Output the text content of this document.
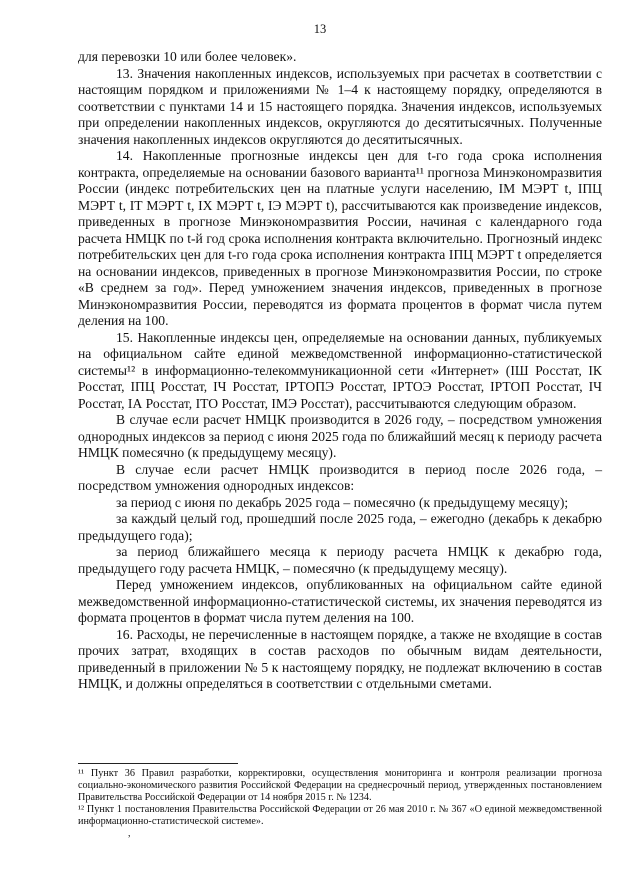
13

для перевозки 10 или более человек».

13. Значения накопленных индексов, используемых при расчетах в соответствии с настоящим порядком и приложениями № 1–4 к настоящему порядку, определяются в соответствии с пунктами 14 и 15 настоящего порядка. Значения индексов, используемых при определении накопленных индексов, округляются до десятитысячных. Полученные значения накопленных индексов округляются до десятитысячных.

14. Накопленные прогнозные индексы цен для t-го года срока исполнения контракта, определяемые на основании базового варианта¹¹ прогноза Минэкономразвития России (индекс потребительских цен на платные услуги населению, IМ МЭРТ t, IПЦ МЭРТ t, IТ МЭРТ t, IХ МЭРТ t, IЭ МЭРТ t), рассчитываются как произведение индексов, приведенных в прогнозе Минэкономразвития России, начиная с календарного года расчета НМЦК по t-й год срока исполнения контракта включительно. Прогнозный индекс потребительских цен для t-го года срока исполнения контракта IПЦ МЭРТ t определяется на основании индексов, приведенных в прогнозе Минэкономразвития России, по строке «В среднем за год». Перед умножением значения индексов, приведенных в прогнозе Минэкономразвития России, переводятся из формата процентов в формат числа путем деления на 100.

15. Накопленные индексы цен, определяемые на основании данных, публикуемых на официальном сайте единой межведомственной информационно-статистической системы¹² в информационно-телекоммуникационной сети «Интернет» (IШ Росстат, IК Росстат, IПЦ Росстат, IЧ Росстат, IРТОПЭ Росстат, IРТОЭ Росстат, IРТОП Росстат, IЧ Росстат, IА Росстат, IТО Росстат, IМЭ Росстат), рассчитываются следующим образом.

В случае если расчет НМЦК производится в 2026 году, – посредством умножения однородных индексов за период с июня 2025 года по ближайший месяц к периоду расчета НМЦК помесячно (к предыдущему месяцу).

В случае если расчет НМЦК производится в период после 2026 года, – посредством умножения однородных индексов:

за период с июня по декабрь 2025 года – помесячно (к предыдущему месяцу);

за каждый целый год, прошедший после 2025 года, – ежегодно (декабрь к декабрю предыдущего года);

за период ближайшего месяца к периоду расчета НМЦК к декабрю года, предыдущего году расчета НМЦК, – помесячно (к предыдущему месяцу).

Перед умножением индексов, опубликованных на официальном сайте единой межведомственной информационно-статистической системы, их значения переводятся из формата процентов в формат числа путем деления на 100.

16. Расходы, не перечисленные в настоящем порядке, а также не входящие в состав прочих затрат, входящих в состав расходов по обычным видам деятельности, приведенный в приложении № 5 к настоящему порядку, не подлежат включению в состав НМЦК, и должны определяться в соответствии с отдельными сметами.

¹¹ Пункт 36 Правил разработки, корректировки, осуществления мониторинга и контроля реализации прогноза социально-экономического развития Российской Федерации на среднесрочный период, утвержденных постановлением Правительства Российской Федерации от 14 ноября 2015 г. № 1234.

¹² Пункт 1 постановления Правительства Российской Федерации от 26 мая 2010 г. № 367 «О единой межведомственной информационно-статистической системе».

,
